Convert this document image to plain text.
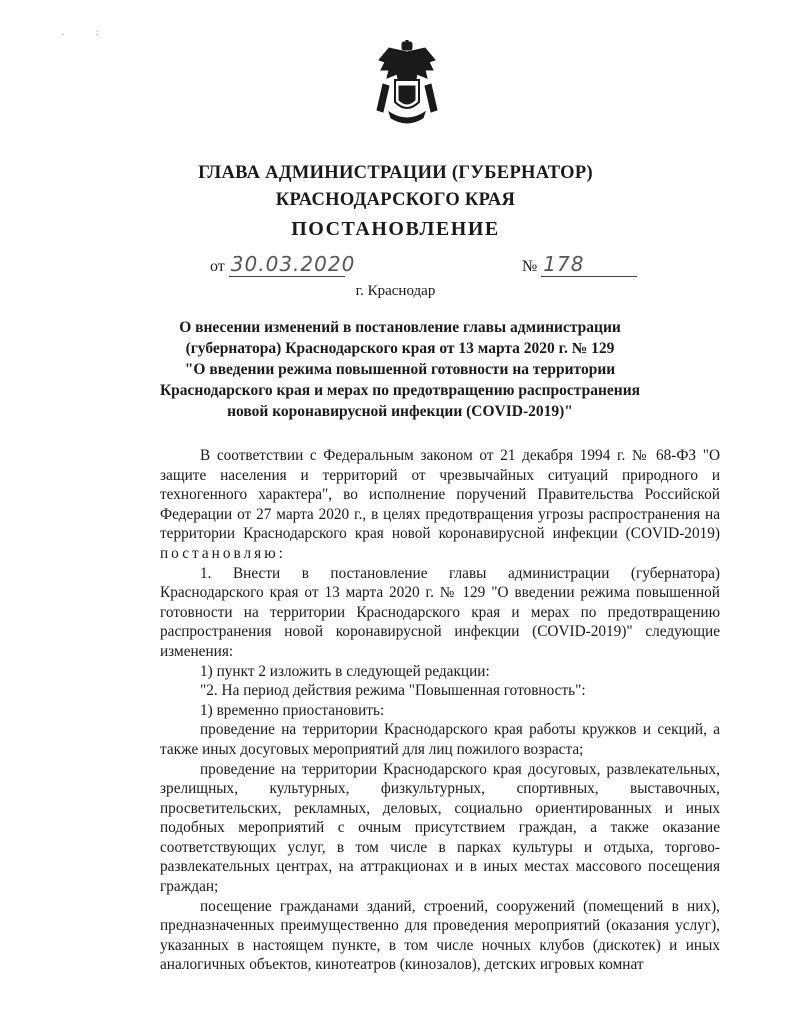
.                :
ГЛАВА АДМИНИСТРАЦИИ (ГУБЕРНАТОР)
КРАСНОДАРСКОГО КРАЯ
ПОСТАНОВЛЕНИЕ
от 30.03.2020	№ 178
г. Краснодар
О внесении изменений в постановление главы администрации
(губернатора) Краснодарского края от 13 марта 2020 г. № 129
"О введении режима повышенной готовности на территории
Краснодарского края и мерах по предотвращению распространения
новой коронавирусной инфекции (COVID-2019)"

В соответствии с Федеральным законом от 21 декабря 1994 г. № 68-ФЗ "О защите населения и территорий от чрезвычайных ситуаций природного и техногенного характера", во исполнение поручений Правительства Российской Федерации от 27 марта 2020 г., в целях предотвращения угрозы распространения на территории Краснодарского края новой коронавирусной инфекции (COVID-2019) постановляю:

1. Внести в постановление главы администрации (губернатора) Краснодарского края от 13 марта 2020 г. № 129 "О введении режима повышенной готовности на территории Краснодарского края и мерах по предотвращению распространения новой коронавирусной инфекции (COVID-2019)" следующие изменения:

1) пункт 2 изложить в следующей редакции:

"2. На период действия режима "Повышенная готовность":

1) временно приостановить:

проведение на территории Краснодарского края работы кружков и секций, а также иных досуговых мероприятий для лиц пожилого возраста;

проведение на территории Краснодарского края досуговых, развлекательных, зрелищных, культурных, физкультурных, спортивных, выставочных, просветительских, рекламных, деловых, социально ориентированных и иных подобных мероприятий с очным присутствием граждан, а также оказание соответствующих услуг, в том числе в парках культуры и отдыха, торгово-развлекательных центрах, на аттракционах и в иных местах массового посещения граждан;

посещение гражданами зданий, строений, сооружений (помещений в них), предназначенных преимущественно для проведения мероприятий (оказания услуг), указанных в настоящем пункте, в том числе ночных клубов (дискотек) и иных аналогичных объектов, кинотеатров (кинозалов), детских игровых комнат
